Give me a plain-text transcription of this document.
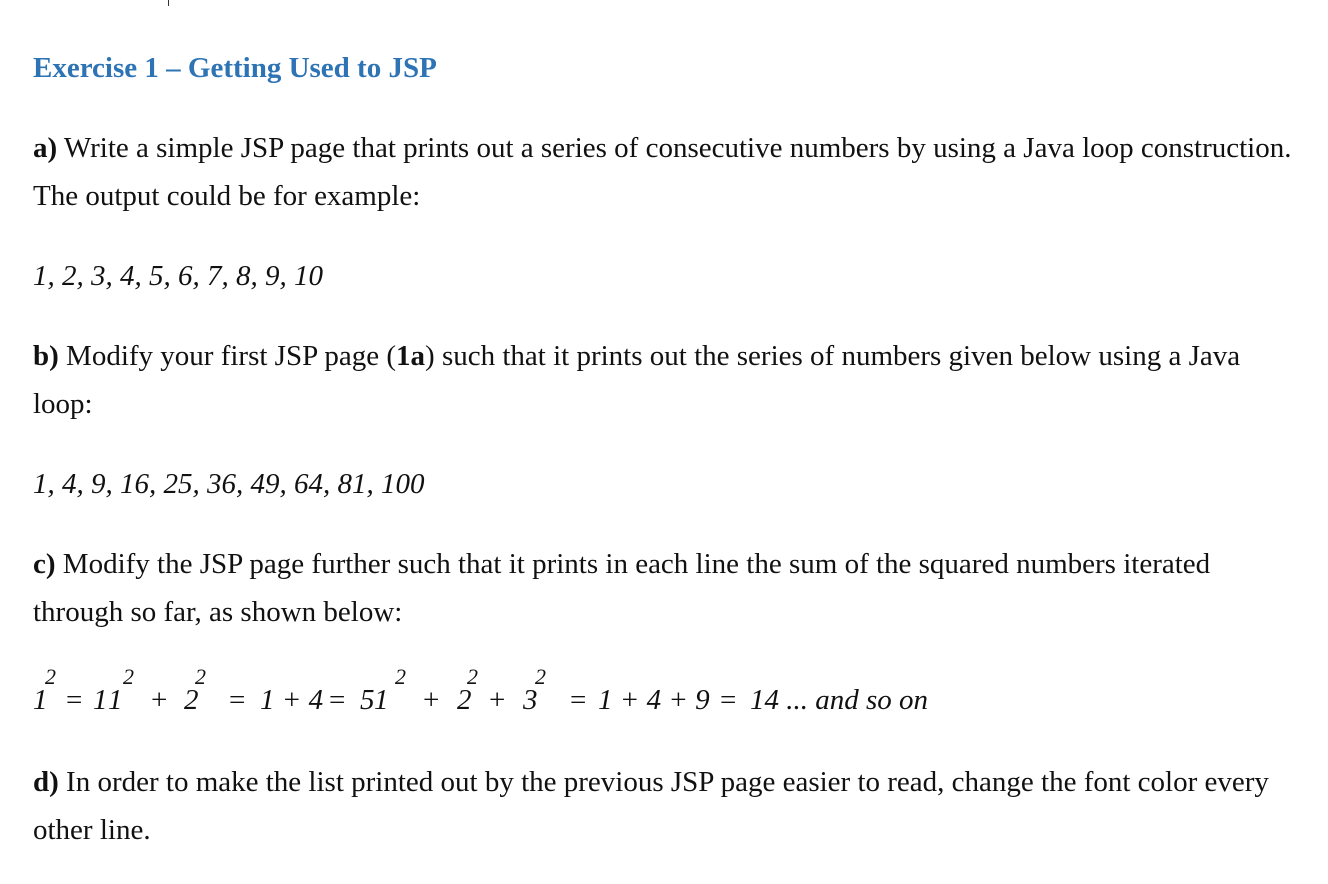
Exercise 1 – Getting Used to JSP
a) Write a simple JSP page that prints out a series of consecutive numbers by using a Java loop construction. The output could be for example:
1, 2, 3, 4, 5, 6, 7, 8, 9, 10
b) Modify your first JSP page (1a) such that it prints out the series of numbers given below using a Java loop:
1, 4, 9, 16, 25, 36, 49, 64, 81, 100
c) Modify the JSP page further such that it prints in each line the sum of the squared numbers iterated through so far, as shown below:
1
2
= 1 1
2
+ 2
2
= 1 + 4 = 5 1
2
+ 2
2
+ 3
2
= 1 + 4 + 9 = 14 ... and so on
d) In order to make the list printed out by the previous JSP page easier to read, change the font color every other line.
